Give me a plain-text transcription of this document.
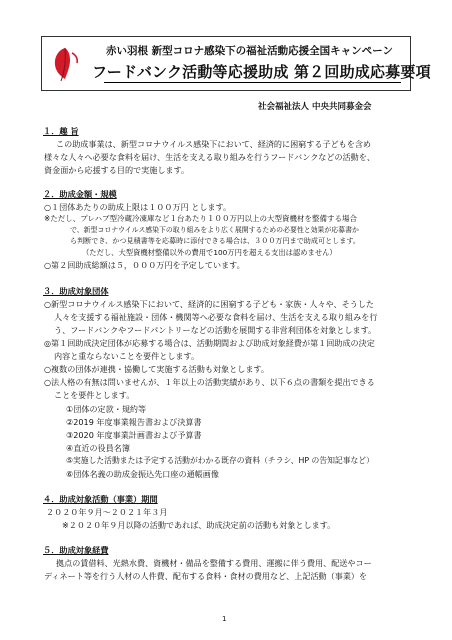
赤い羽根 新型コロナ感染下の福祉活動応援全国キャンペーン
フードバンク活動等応援助成 第２回助成応募要項
社会福祉法人 中央共同募金会
１．趣 旨
この助成事業は、新型コロナウイルス感染下において、経済的に困窮する子どもを含め
様々な人々へ必要な食料を届け、生活を支える取り組みを行うフードバンクなどの活動を、
資金面から応援する目的で実施します。
２．助成金額・規模
○１団体あたりの助成上限は１００万円 とします。
※ただし、プレハブ型冷蔵冷凍庫など１台あたり１００万円以上の大型資機材を整備する場合
で、新型コロナウイルス感染下の取り組みをより広く展開するための必要性と効果が応募書か
ら判断でき、かつ見積書等を応募時に添付できる場合は、３００万円まで助成可とします。
（ただし、大型資機材整備以外の費用で100万円を超える支出は認めません）
○第２回助成総額は５，０００万円を予定しています。
３．助成対象団体
○新型コロナウイルス感染下において、経済的に困窮する子ども・家族・人々や、そうした
人々を支援する福祉施設・団体・機関等へ必要な食料を届け、生活を支える取り組みを行
う、フードバンクやフードパントリーなどの活動を展開する非営利団体を対象とします。
◎第１回助成決定団体が応募する場合は、活動期間および助成対象経費が第１回助成の決定
内容と重ならないことを要件とします。
○複数の団体が連携・協働して実施する活動も対象とします。
○法人格の有無は問いませんが、１年以上の活動実績があり、以下６点の書類を提出できる
ことを要件とします。
①団体の定款・規約等
②2019 年度事業報告書および決算書
③2020 年度事業計画書および予算書
④直近の役員名簿
⑤実施した活動または予定する活動がわかる既存の資料（チラシ、HP の告知記事など）
⑥団体名義の助成金振込先口座の通帳画像
４．助成対象活動（事業）期間
２０２０年９月～２０２１年３月
※２０２０年９月以降の活動であれば、助成決定前の活動も対象とします。
５．助成対象経費
拠点の賃借料、光熱水費、資機材・備品を整備する費用、運搬に伴う費用、配送やコー
ディネート等を行う人材の人件費、配布する食料・食材の費用など、上記活動（事業）を
1
